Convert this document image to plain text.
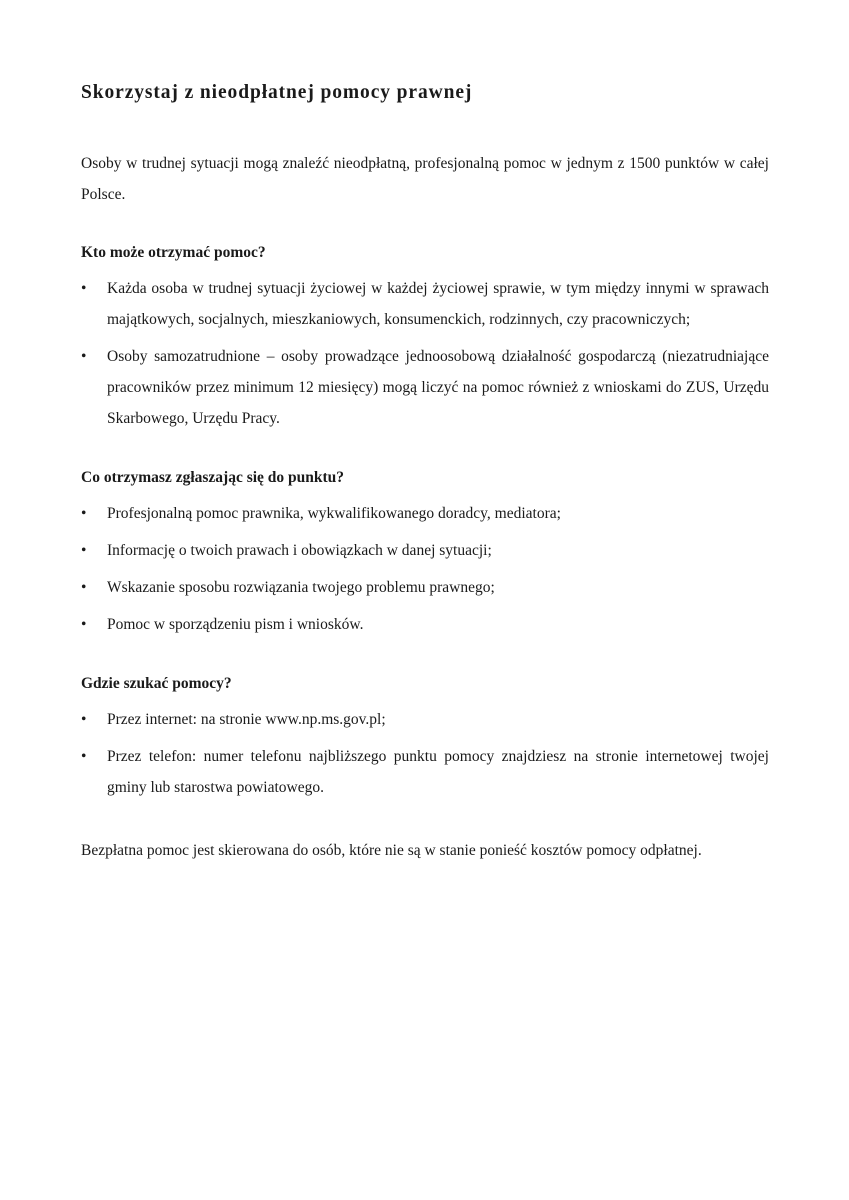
Skorzystaj z nieodpłatnej pomocy prawnej

Osoby w trudnej sytuacji mogą znaleźć nieodpłatną, profesjonalną pomoc w jednym z 1500 punktów w całej Polsce.

Kto może otrzymać pomoc?
•	Każda osoba w trudnej sytuacji życiowej w każdej życiowej sprawie, w tym między innymi w sprawach majątkowych, socjalnych, mieszkaniowych, konsumenckich, rodzinnych, czy pracowniczych;
•	Osoby samozatrudnione – osoby prowadzące jednoosobową działalność gospodarczą (niezatrudniające pracowników przez minimum 12 miesięcy) mogą liczyć na pomoc również z wnioskami do ZUS, Urzędu Skarbowego, Urzędu Pracy.
Co otrzymasz zgłaszając się do punktu?
•	Profesjonalną pomoc prawnika, wykwalifikowanego doradcy, mediatora;
•	Informację o twoich prawach i obowiązkach w danej sytuacji;
•	Wskazanie sposobu rozwiązania twojego problemu prawnego;
•	Pomoc w sporządzeniu pism i wniosków.
Gdzie szukać pomocy?
•	Przez internet: na stronie www.np.ms.gov.pl;
•	Przez telefon: numer telefonu najbliższego punktu pomocy znajdziesz na stronie internetowej twojej gminy lub starostwa powiatowego.

Bezpłatna pomoc jest skierowana do osób, które nie są w stanie ponieść kosztów pomocy odpłatnej.
